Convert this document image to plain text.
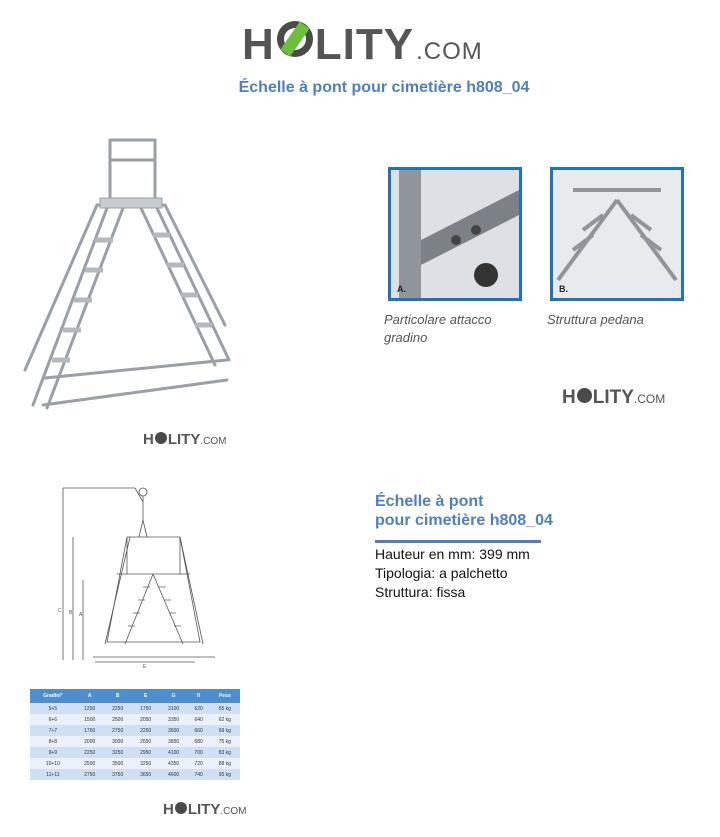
H LITY .COM
Échelle à pont pour cimetière h808_04
H LITY .COM
A.
Particolare attacco gradino
B.
Struttura pedana
H LITY .COM
C B A
E
Échelle à pont
pour cimetière h808_04
Hauteur en mm: 399 mm
Tipologia: a palchetto
Struttura: fissa
Gradini*	A	B	E	G	H	Peso
5+5	1250	2250	1750	3100	620	55 kg
6+6	1500	2500	2050	3350	640	62 kg
7+7	1750	2750	2250	3600	660	69 kg
8+8	2000	3000	2650	3850	680	75 kg
9+9	2250	3250	2950	4100	700	83 kg
10+10	2500	3500	3250	4350	720	88 kg
11+11	2750	3750	3650	4600	740	95 kg
H LITY .COM
